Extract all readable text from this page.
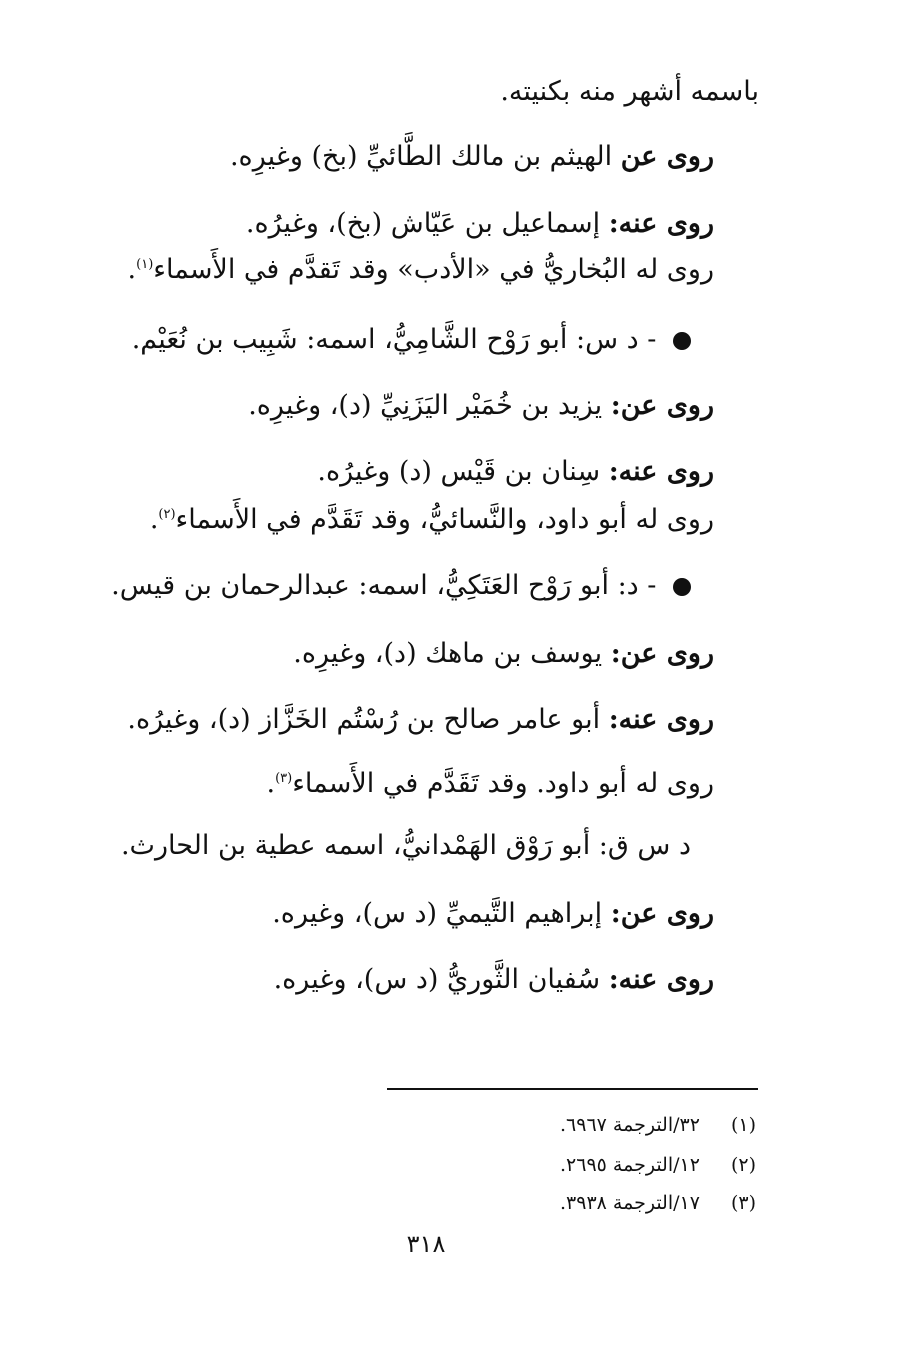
باسمه أشهر منه بكنيته.
روى عن الهيثم بن مالك الطَّائيِّ (بخ) وغيرِه.
روى عنه: إسماعيل بن عَيّاش (بخ)، وغيرُه.
روى له البُخاريُّ في «الأدب» وقد تَقدَّم في الأَسماء$^{(١)}$.
- د س: أبو رَوْح الشَّامِيُّ، اسمه: شَبِيب بن نُعَيْم.
روى عن: يزيد بن خُمَيْر اليَزَنِيِّ (د)، وغيرِه.
روى عنه: سِنان بن قَيْس (د) وغيرُه.
روى له أبو داود، والنَّسائيُّ، وقد تَقَدَّم في الأَسماء$^{(٢)}$.
- د: أبو رَوْح العَتَكِيُّ، اسمه: عبدالرحمان بن قيس.
روى عن: يوسف بن ماهك (د)، وغيرِه.
روى عنه: أبو عامر صالح بن رُسْتُم الخَزَّاز (د)، وغيرُه.
روى له أبو داود. وقد تَقَدَّم في الأَسماء$^{(٣)}$.
د س ق: أبو رَوْق الهَمْدانيُّ، اسمه عطية بن الحارث.
روى عن: إبراهيم التَّيميِّ (د س)، وغيره.
روى عنه: سُفيان الثَّوريُّ (د س)، وغيره.
(١) ٣٢/الترجمة ٦٩٦٧.
(٢) ١٢/الترجمة ٢٦٩٥.
(٣) ١٧/الترجمة ٣٩٣٨.
٣١٨
